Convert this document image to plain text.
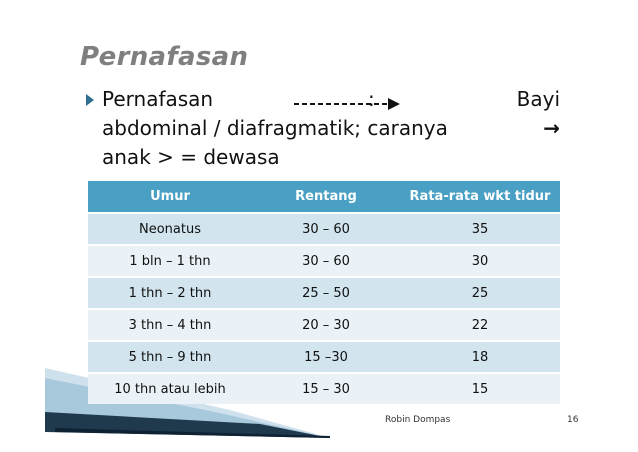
Pernafasan
Pernafasan	:	Bayi
abdominal / diafragmatik; caranya	→
anak > = dewasa
Umur	Rentang	Rata-rata wkt tidur
Neonatus	30 – 60	35
1 bln – 1 thn	30 – 60	30
1 thn – 2 thn	25 – 50	25
3 thn – 4 thn	20 – 30	22
5 thn – 9 thn	15 –30	18
10 thn atau lebih	15 – 30	15
Robin Dompas	16
